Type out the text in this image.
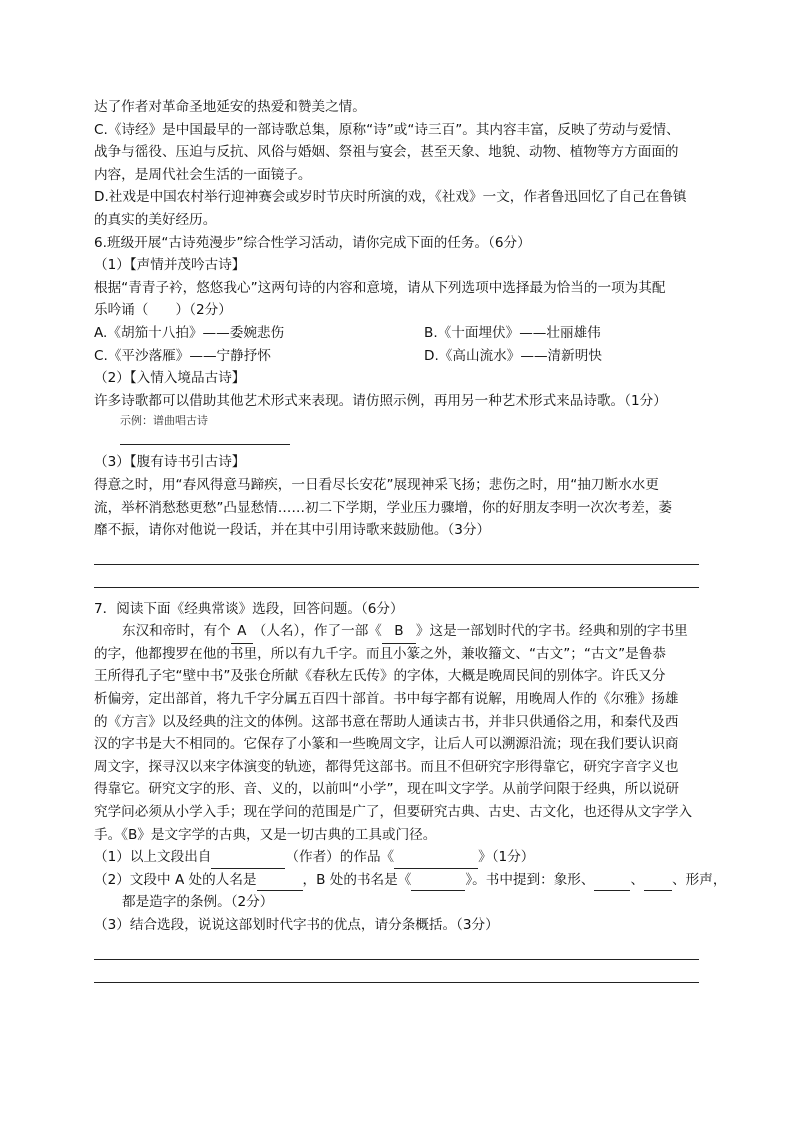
达了作者对革命圣地延安的热爱和赞美之情。
C.《诗经》是中国最早的一部诗歌总集，原称“诗”或“诗三百”。其内容丰富，反映了劳动与爱情、
战争与徭役、压迫与反抗、风俗与婚姻、祭祖与宴会，甚至天象、地貌、动物、植物等方方面面的
内容，是周代社会生活的一面镜子。
D.社戏是中国农村举行迎神赛会或岁时节庆时所演的戏，《社戏》一文，作者鲁迅回忆了自己在鲁镇
的真实的美好经历。
6.班级开展“古诗苑漫步”综合性学习活动，请你完成下面的任务。（6分）
（1）【声情并茂吟古诗】
根据“青青子衿，悠悠我心”这两句诗的内容和意境，请从下列选项中选择最为恰当的一项为其配
乐吟诵（　　）（2分）
A.《胡笳十八拍》——委婉悲伤	B.《十面埋伏》——壮丽雄伟
C.《平沙落雁》——宁静抒怀	D.《高山流水》——清新明快
（2）【入情入境品古诗】
许多诗歌都可以借助其他艺术形式来表现。请仿照示例，再用另一种艺术形式来品诗歌。（1分）
示例：谱曲唱古诗
（3）【腹有诗书引古诗】
得意之时，用“春风得意马蹄疾，一日看尽长安花”展现神采飞扬；悲伤之时，用“抽刀断水水更
流，举杯消愁愁更愁”凸显愁情……初二下学期，学业压力骤增，你的好朋友李明一次次考差，萎
靡不振，请你对他说一段话，并在其中引用诗歌来鼓励他。（3分）
7．阅读下面《经典常谈》选段，回答问题。（6分）
东汉和帝时，有个 A （人名），作了一部《 B 》这是一部划时代的字书。经典和别的字书里
的字，他都搜罗在他的书里，所以有九千字。而且小篆之外，兼收籀文、“古文”；“古文”是鲁恭
王所得孔子宅“壁中书”及张仓所献《春秋左氏传》的字体，大概是晚周民间的别体字。许氏又分
析偏旁，定出部首，将九千字分属五百四十部首。书中每字都有说解，用晚周人作的《尔雅》扬雄
的《方言》以及经典的注文的体例。这部书意在帮助人通读古书，并非只供通俗之用，和秦代及西
汉的字书是大不相同的。它保存了小篆和一些晚周文字，让后人可以溯源沿流；现在我们要认识商
周文字，探寻汉以来字体演变的轨迹，都得凭这部书。而且不但研究字形得靠它，研究字音字义也
得靠它。研究文字的形、音、义的，以前叫“小学”，现在叫文字学。从前学问限于经典，所以说研
究学问必须从小学入手；现在学问的范围是广了，但要研究古典、古史、古文化，也还得从文字学入
手。《B》是文字学的古典，又是一切古典的工具或门径。
（1）以上文段出自	（作者）的作品《	》（1分）
（2）文段中 A 处的人名是	，B 处的书名是《	》。书中提到：象形、	、 、形声，
都是造字的条例。（2分）
（3）结合选段，说说这部划时代字书的优点，请分条概括。（3分）
